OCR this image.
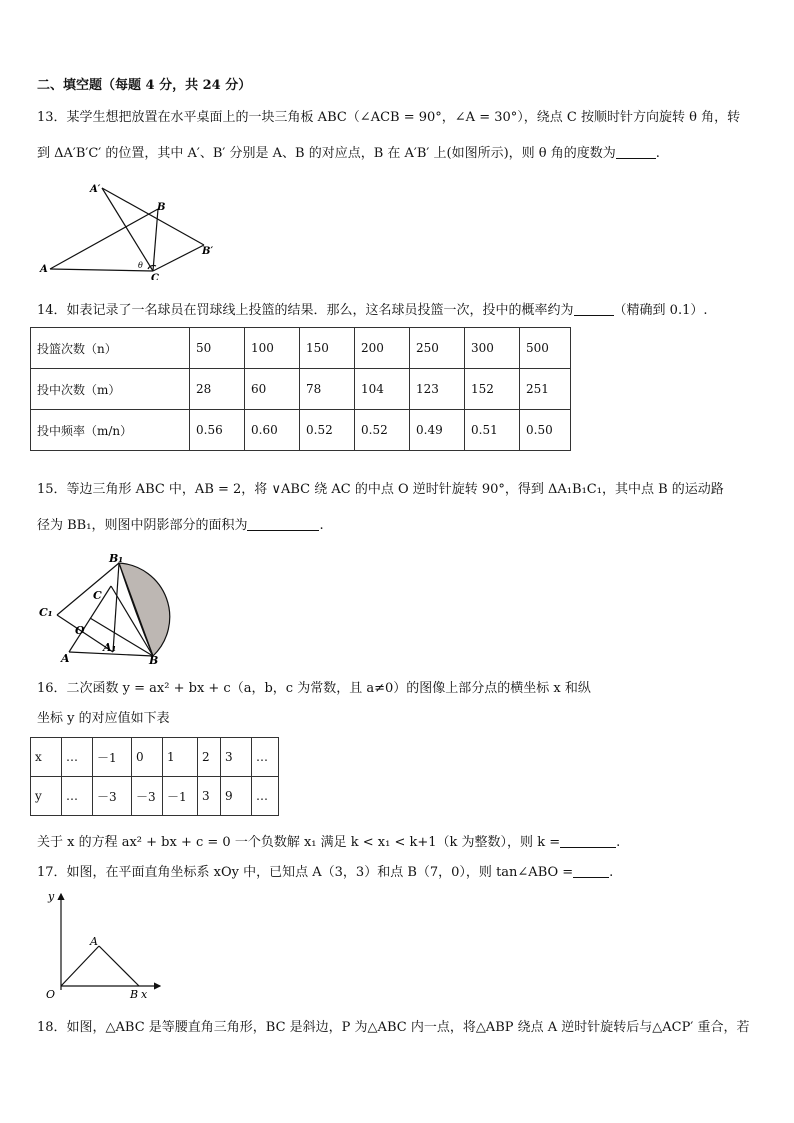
二、填空题（每题 4 分，共 24 分）
13．某学生想把放置在水平桌面上的一块三角板 ABC（∠ACB = 90°，∠A = 30°），绕点 C 按顺时针方向旋转 θ 角，转
到 ΔA′B′C′ 的位置，其中 A′、B′ 分别是 A、B 的对应点，B 在 A′B′ 上(如图所示)，则 θ 角的度数为	.
A
A′
B
B′
C
θ
14．如表记录了一名球员在罚球线上投篮的结果．那么，这名球员投篮一次，投中的概率约为	（精确到 0.1）.
投篮次数（n）	50	100	150	200	250	300	500
投中次数（m）	28	60	78	104	123	152	251
投中频率（m/n）	0.56	0.60	0.52	0.52	0.49	0.51	0.50
15．等边三角形 ABC 中，AB = 2，将 ∨ABC 绕 AC 的中点 O 逆时针旋转 90°，得到 ΔA₁B₁C₁，其中点 B 的运动路
径为 BB₁，则图中阴影部分的面积为	.
B₁
C
C₁
O
A
A₁
B
16．二次函数 y = ax² + bx + c（a，b，c 为常数，且 a≠0）的图像上部分点的横坐标 x 和纵
坐标 y 的对应值如下表
x	…	－1	0	1	2	3	…
y	…	－3	－3	－1	3	9	…
关于 x 的方程 ax² + bx + c = 0 一个负数解 x₁ 满足 k < x₁ < k+1（k 为整数），则 k =	.
17．如图，在平面直角坐标系 xOy 中，已知点 A（3，3）和点 B（7，0），则 tan∠ABO =	.
y
x
O
A
B
18．如图，△ABC 是等腰直角三角形，BC 是斜边，P 为△ABC 内一点，将△ABP 绕点 A 逆时针旋转后与△ACP′ 重合，若
